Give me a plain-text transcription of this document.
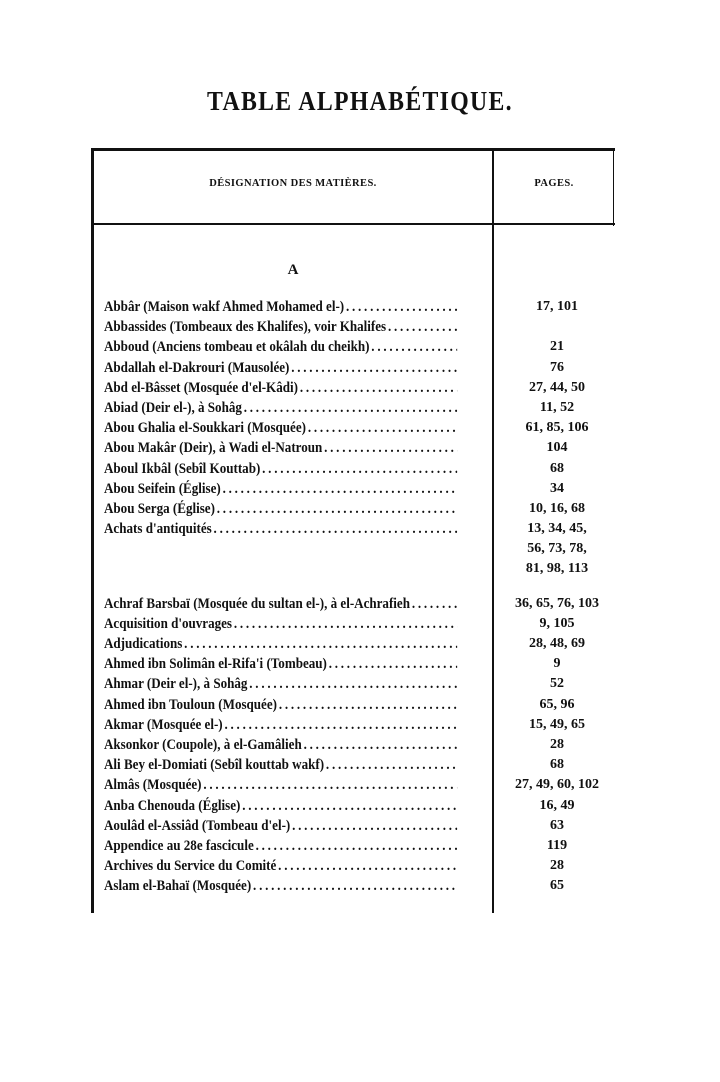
TABLE ALPHABÉTIQUE.
DÉSIGNATION DES MATIÈRES.	PAGES.
A
Abbâr (Maison wakf Ahmed Mohamed el-) .....	17, 101
Abbassides (Tombeaux des Khalifes), voir Khalifes
.....
Abboud (Anciens tombeau et okâlah du cheikh) .....	21
Abdallah el-Dakrouri (Mausolée) .....	76
Abd el-Bâsset (Mosquée d'el-Kâdi) .....	27, 44, 50
Abiad (Deir el-), à Sohâg .....	11, 52
Abou Ghalia el-Soukkari (Mosquée) .....	61, 85, 106
Abou Makâr (Deir), à Wadi el-Natroun .....	104
Aboul Ikbâl (Sebîl Kouttab) .....	68
Abou Seifein (Église) .....	34
Abou Serga (Église) .....	10, 16, 68
Achats d'antiquités .....	13, 34, 45,
56, 73, 78,
81, 98, 113
Achraf Barsbaï (Mosquée du sultan el-), à el-Achrafieh .....	36, 65, 76, 103
Acquisition d'ouvrages .....	9, 105
Adjudications .....	28, 48, 69
Ahmed ibn Solimân el-Rifa'i (Tombeau) .....	9
Ahmar (Deir el-), à Sohâg .....	52
Ahmed ibn Touloun (Mosquée) .....	65, 96
Akmar (Mosquée el-) .....	15, 49, 65
Aksonkor (Coupole), à el-Gamâlieh .....	28
Ali Bey el-Domiati (Sebîl kouttab wakf) .....	68
Almâs (Mosquée) .....	27, 49, 60, 102
Anba Chenouda (Église) .....	16, 49
Aoulâd el-Assiâd (Tombeau d'el-) .....	63
Appendice au 28e fascicule .....	119
Archives du Service du Comité .....	28
Aslam el-Bahaï (Mosquée) .....	65
